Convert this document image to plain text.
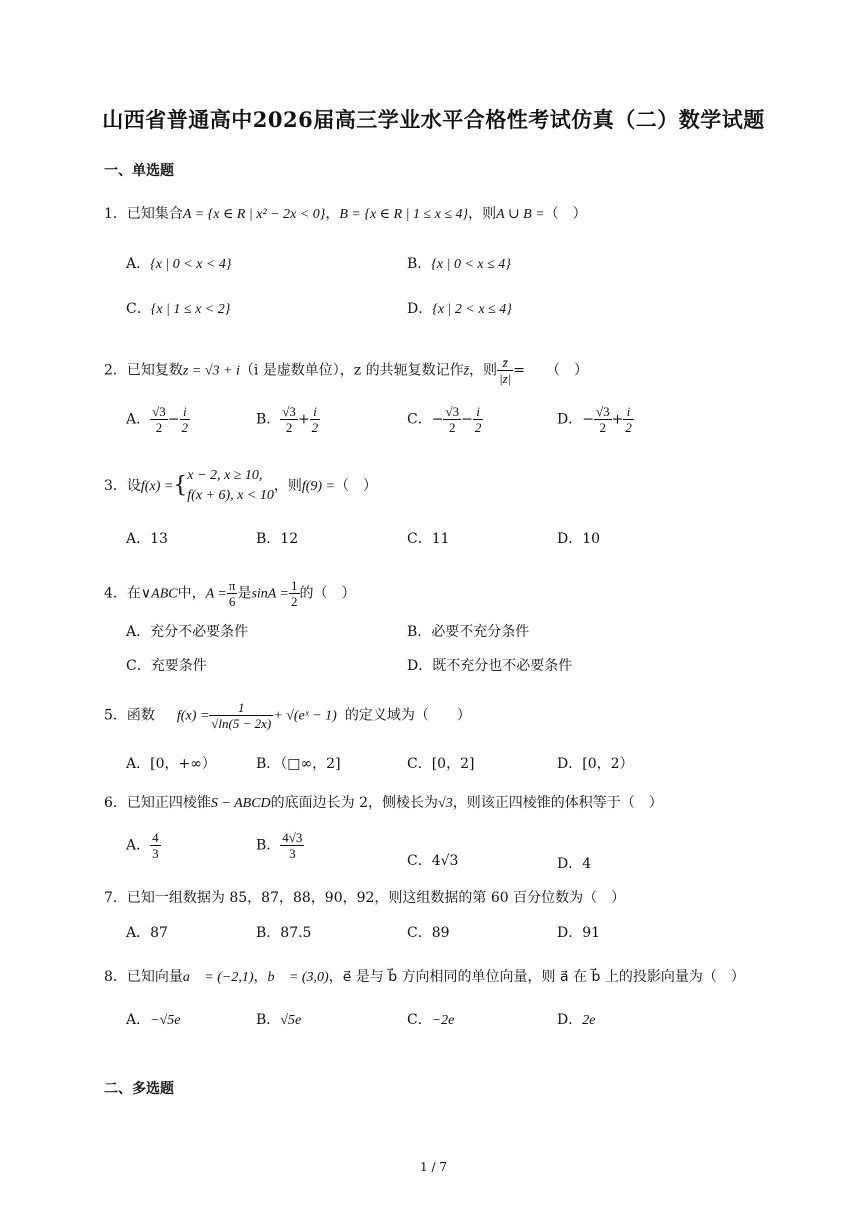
山西省普通高中2026届高三学业水平合格性考试仿真（二）数学试题
一、单选题
1．已知集合A = {x ∈ R | x² − 2x < 0}，B = {x ∈ R | 1 ≤ x ≤ 4}，则A ∪ B =（　）
A．{x | 0 < x < 4}	B．{x | 0 < x ≤ 4}
C．{x | 1 ≤ x < 2}	D．{x | 2 < x ≤ 4}
2．已知复数z = √3 + i（i 是虚数单位），z 的共轭复数记作z̄，则 $\frac{z̄}{|z|}$ =　　（　）
A． $\frac{√3}{2} - \frac{i}{2}$	B． $\frac{√3}{2} + \frac{i}{2}$	C．− $\frac{√3}{2} - \frac{i}{2}$	D．− $\frac{√3}{2} + \frac{i}{2}$
3．设f(x) ={ x − 2, x ≥ 10,
f(x + 6), x < 10
，则f(9) =（　）
A．13	B．12	C．11	D．10
4．在∨ABC中，$A = \frac{\pi}{6}$ 是$\sin A = \frac{1}{2}$ 的（　）
A．充分不必要条件	B．必要不充分条件
C．充要条件	D．既不充分也不必要条件
5．函数 $f(x) = \frac{1}{√\ln(5 - 2x)}$ + √(eˣ − 1) 的定义域为（　　）
A．[0，+∞）	B．（□∞，2]	C．[0，2]	D．[0，2）
6．已知正四棱锥S − ABCD的底面边长为 2，侧棱长为√3，则该正四棱锥的体积等于（　）
A． $\frac{4}{3}$	B． $\frac{4√3}{3}$	C．4√3	D．4
7．已知一组数据为 85，87，88，90，92，则这组数据的第 60 百分位数为（　）
A．87	B．87.5	C．89	D．91
8．已知向量a⃗ = (−2,1)，b⃗ = (3,0)，e⃗ 是与 b⃗ 方向相同的单位向量，则 a⃗ 在 b⃗ 上的投影向量为（　）
A．−√5e⃗	B．√5e⃗	C．−2e⃗	D．2e⃗
二、多选题
1 / 7
